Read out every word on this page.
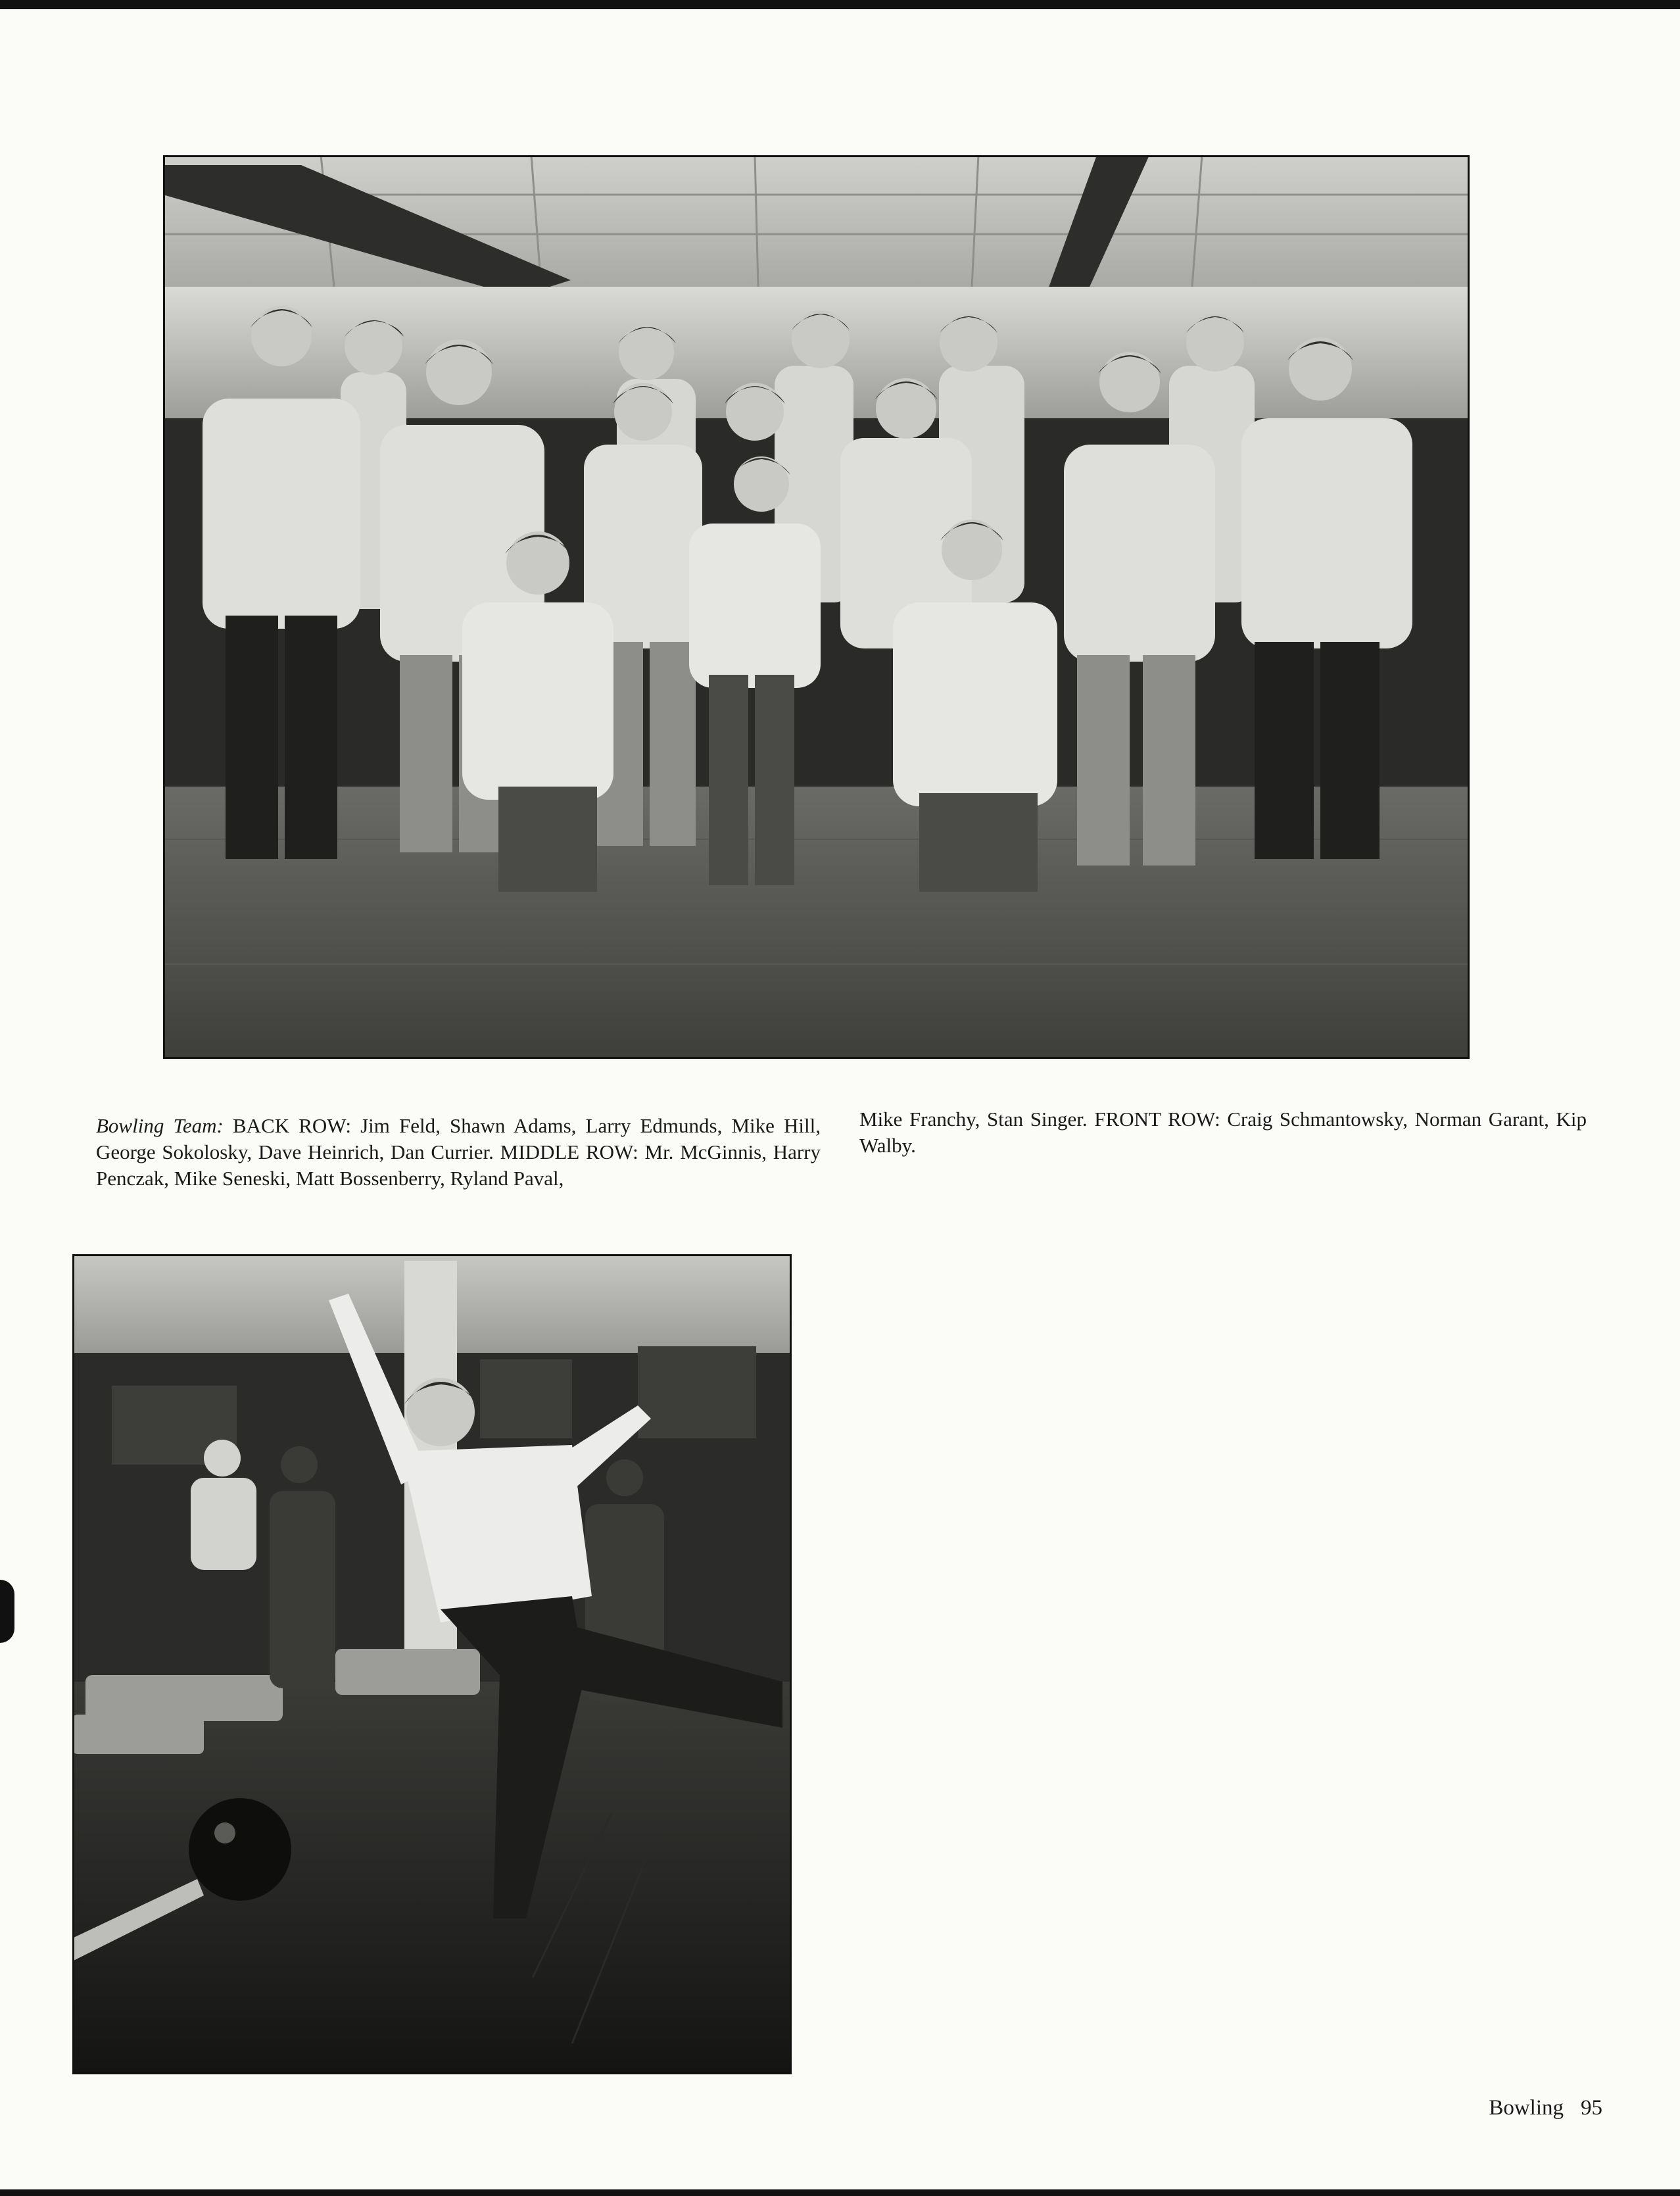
Bowling Team: BACK ROW: Jim Feld, Shawn Adams, Larry Edmunds, Mike Hill, George Sokolosky, Dave Heinrich, Dan Currier. MIDDLE ROW: Mr. McGinnis, Harry Penczak, Mike Seneski, Matt Bossenberry, Ryland Paval,

Mike Franchy, Stan Singer. FRONT ROW: Craig Schmantowsky, Norman Garant, Kip Walby.

Bowling 95
